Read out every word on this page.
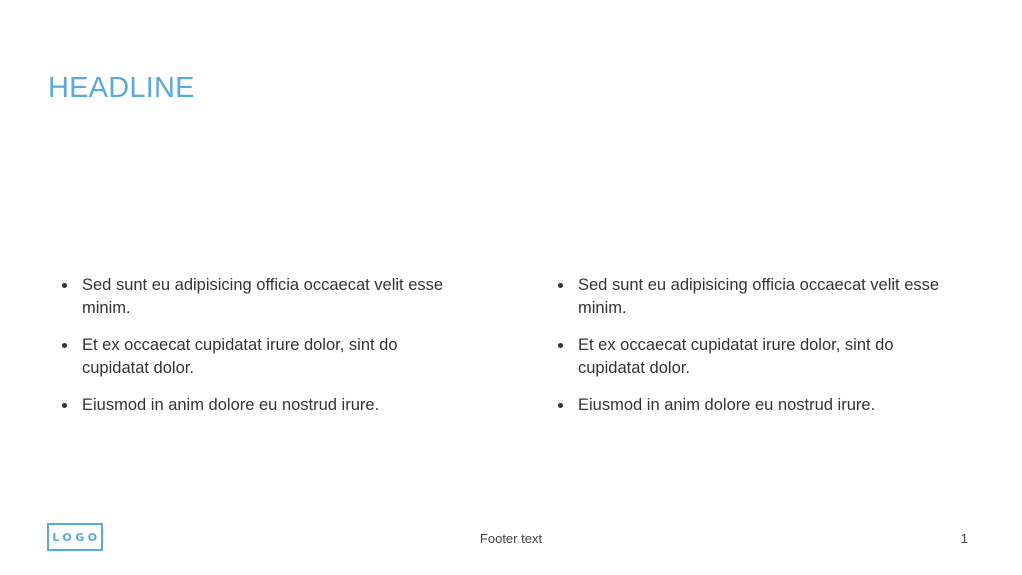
HEADLINE
Sed sunt eu adipisicing officia occaecat velit esse minim.
Et ex occaecat cupidatat irure dolor, sint do cupidatat dolor.
Eiusmod in anim dolore eu nostrud irure.
Sed sunt eu adipisicing officia occaecat velit esse minim.
Et ex occaecat cupidatat irure dolor, sint do cupidatat dolor.
Eiusmod in anim dolore eu nostrud irure.
LOGO	Footer text	1
